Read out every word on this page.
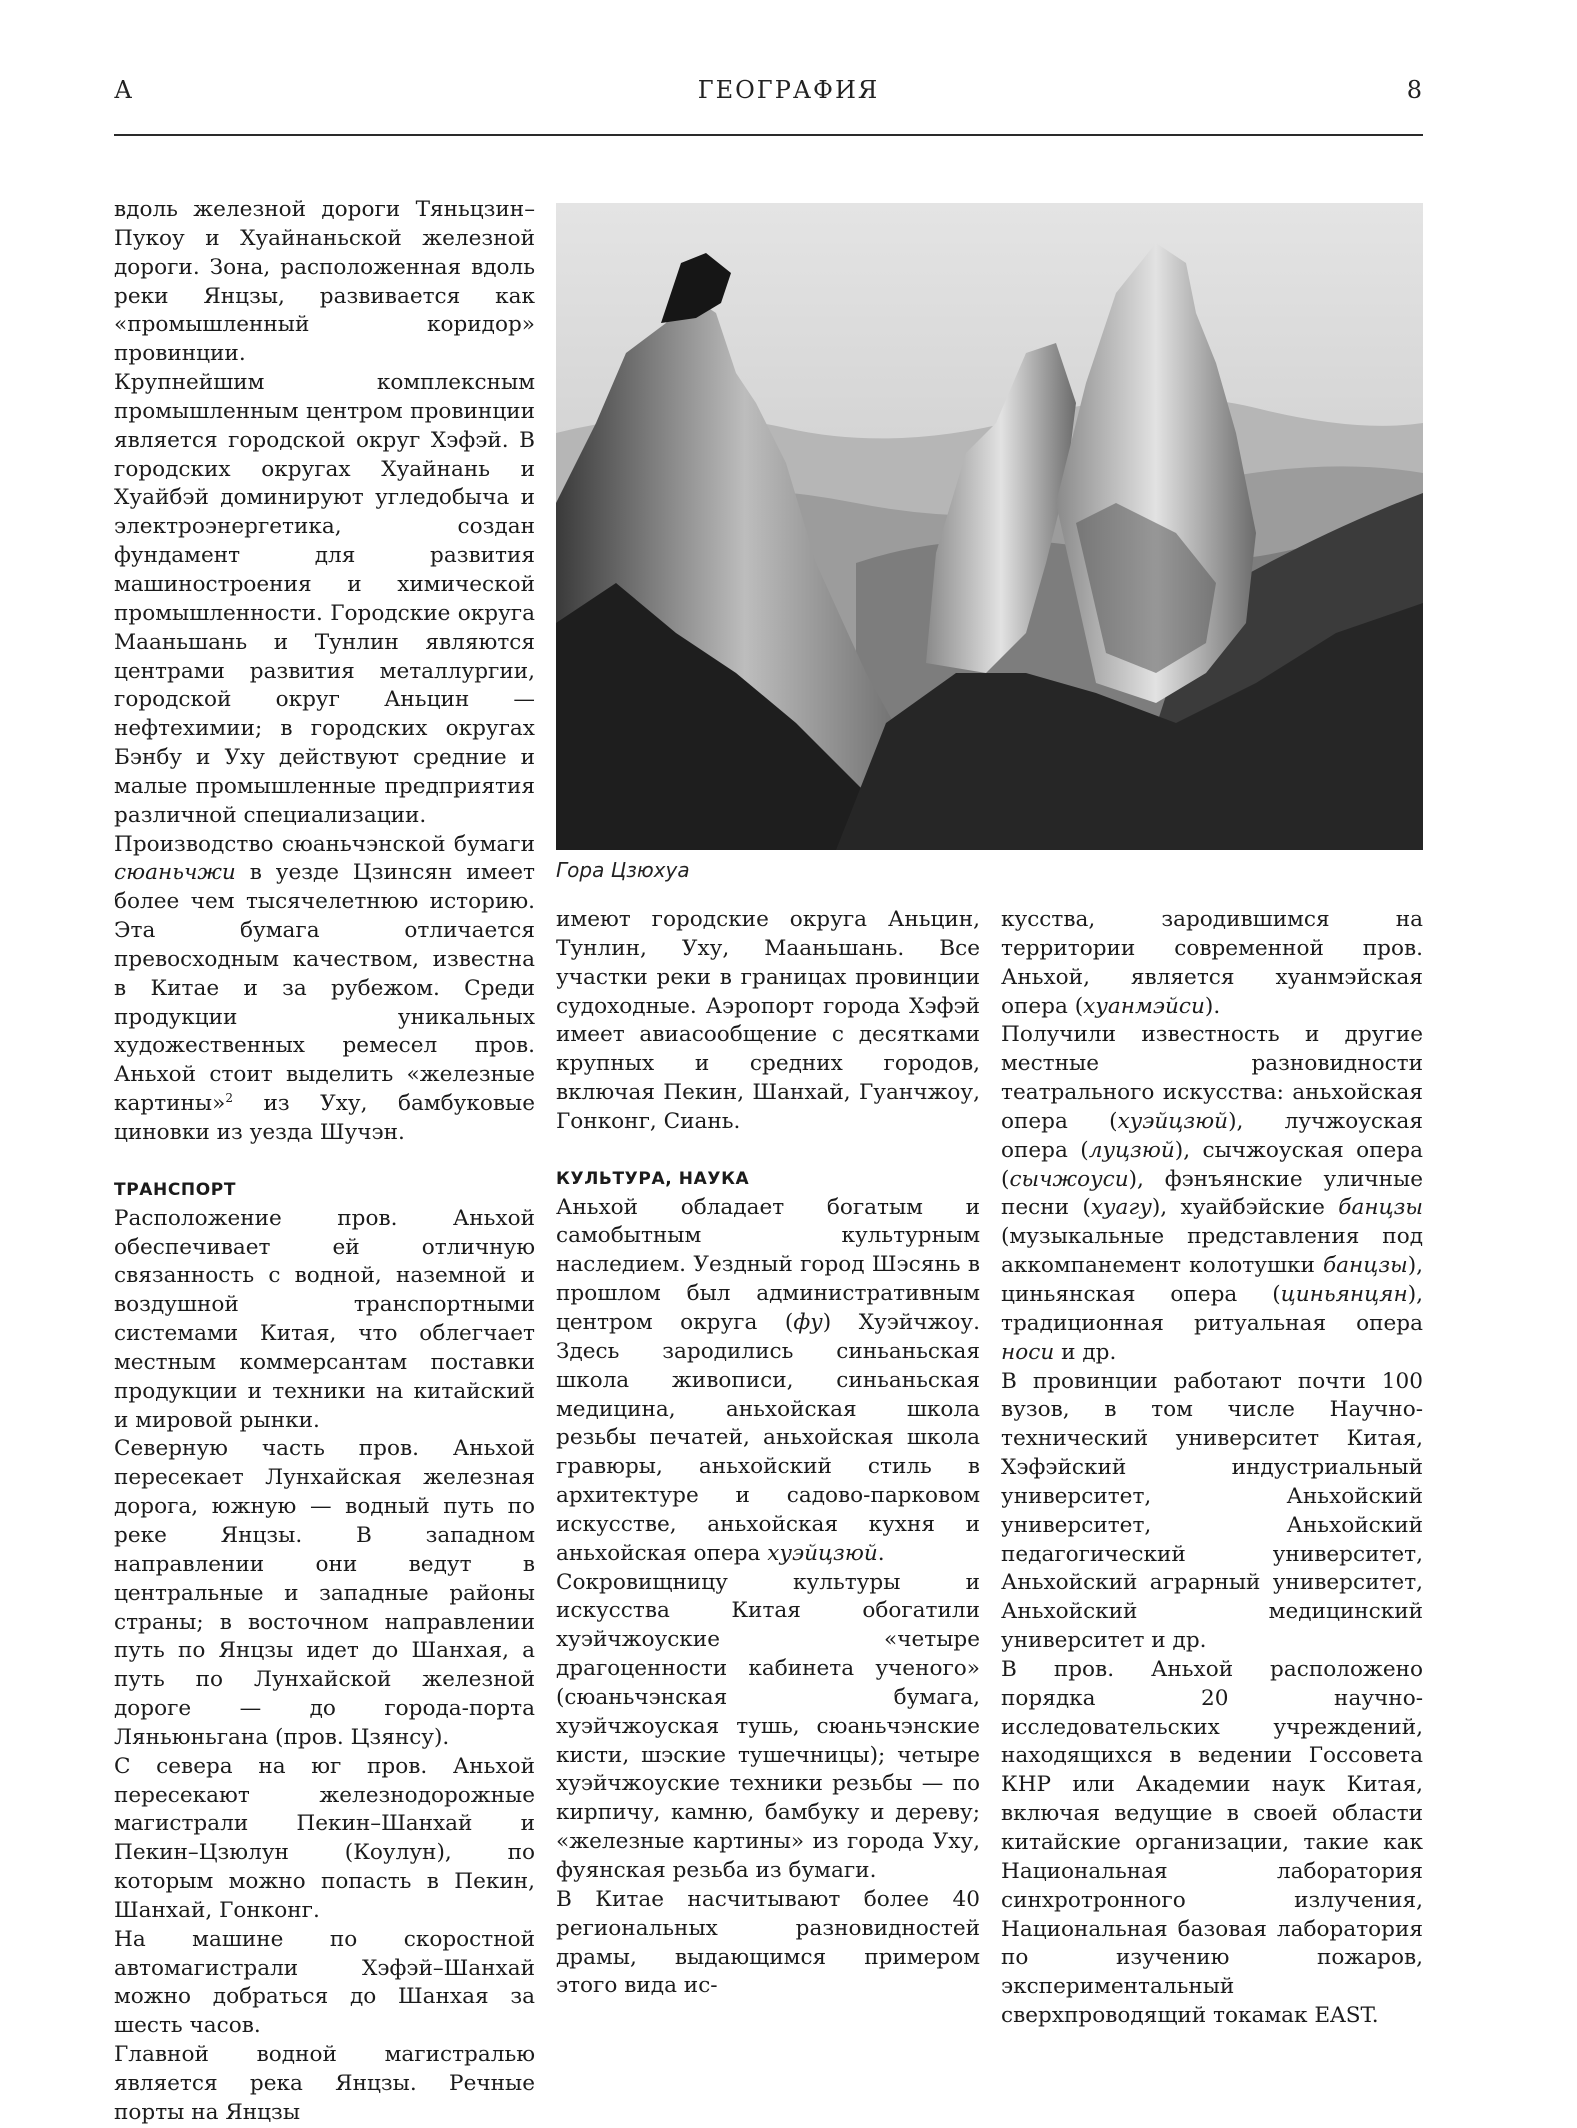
А	ГЕОГРАФИЯ	8
Гора Цзюхуа

вдоль железной дороги Тяньцзин–Пукоу и Хуайнаньской железной дороги. Зона, расположенная вдоль реки Янцзы, развивается как «промышленный коридор» провинции.

Крупнейшим комплексным промышленным центром провинции является городской округ Хэфэй. В городских округах Хуайнань и Хуайбэй доминируют угледобыча и электроэнергетика, создан фундамент для развития машиностроения и химической промышленности. Городские округа Мааньшань и Тунлин являются центрами развития металлургии, городской округ Аньцин — нефтехимии; в городских округах Бэнбу и Уху действуют средние и малые промышленные предприятия различной специализации.

Производство сюаньчэнской бумаги сюаньчжи в уезде Цзинсян имеет более чем тысячелетнюю историю. Эта бумага отличается превосходным качеством, известна в Китае и за рубежом. Среди продукции уникальных художественных ремесел пров. Аньхой стоит выделить «железные картины»$^2$ из Уху, бамбуковые циновки из уезда Шучэн.

ТРАНСПОРТ

Расположение пров. Аньхой обеспечивает ей отличную связанность с водной, наземной и воздушной транспортными системами Китая, что облегчает местным коммерсантам поставки продукции и техники на китайский и мировой рынки.

Северную часть пров. Аньхой пересекает Лунхайская железная дорога, южную — водный путь по реке Янцзы. В западном направлении они ведут в центральные и западные районы страны; в восточном направлении путь по Янцзы идет до Шанхая, а путь по Лунхайской железной дороге — до города-порта Ляньюньгана (пров. Цзянсу).

С севера на юг пров. Аньхой пересекают железнодорожные магистрали Пекин–Шанхай и Пекин–Цзюлун (Коулун), по которым можно попасть в Пекин, Шанхай, Гонконг.

На машине по скоростной автомагистрали Хэфэй–Шанхай можно добраться до Шанхая за шесть часов.

Главной водной магистралью является река Янцзы. Речные порты на Янцзы

имеют городские округа Аньцин, Тунлин, Уху, Мааньшань. Все участки реки в границах провинции судоходные. Аэропорт города Хэфэй имеет авиасообщение с десятками крупных и средних городов, включая Пекин, Шанхай, Гуанчжоу, Гонконг, Сиань.

КУЛЬТУРА, НАУКА

Аньхой обладает богатым и самобытным культурным наследием. Уездный город Шэсянь в прошлом был административным центром округа (фу) Хуэйчжоу. Здесь зародились синьаньская школа живописи, синьаньская медицина, аньхойская школа резьбы печатей, аньхойская школа гравюры, аньхойский стиль в архитектуре и садово-парковом искусстве, аньхойская кухня и аньхойская опера хуэйцзюй.

Сокровищницу культуры и искусства Китая обогатили хуэйчжоуские «четыре драгоценности кабинета ученого» (сюаньчэнская бумага, хуэйчжоуская тушь, сюаньчэнские кисти, шэские тушечницы); четыре хуэйчжоуские техники резьбы — по кирпичу, камню, бамбуку и дереву; «железные картины» из города Уху, фуянская резьба из бумаги.

В Китае насчитывают более 40 региональных разновидностей драмы, выдающимся примером этого вида ис-

кусства, зародившимся на территории современной пров. Аньхой, является хуанмэйская опера (хуанмэйси).

Получили известность и другие местные разновидности театрального искусства: аньхойская опера (хуэйцзюй), лучжоуская опера (луцзюй), сычжоуская опера (сычжоуси), фэнъянские уличные песни (хуагу), хуайбэйские банцзы (музыкальные представления под аккомпанемент колотушки банцзы), циньянская опера (циньянцян), традиционная ритуальная опера носи и др.

В провинции работают почти 100 вузов, в том числе Научно-технический университет Китая, Хэфэйский индустриальный университет, Аньхойский университет, Аньхойский педагогический университет, Аньхойский аграрный университет, Аньхойский медицинский университет и др.

В пров. Аньхой расположено порядка 20 научно-исследовательских учреждений, находящихся в ведении Госсовета КНР или Академии наук Китая, включая ведущие в своей области китайские организации, такие как Национальная лаборатория синхротронного излучения, Национальная базовая лаборатория по изучению пожаров, экспериментальный сверхпроводящий токамак EAST.
